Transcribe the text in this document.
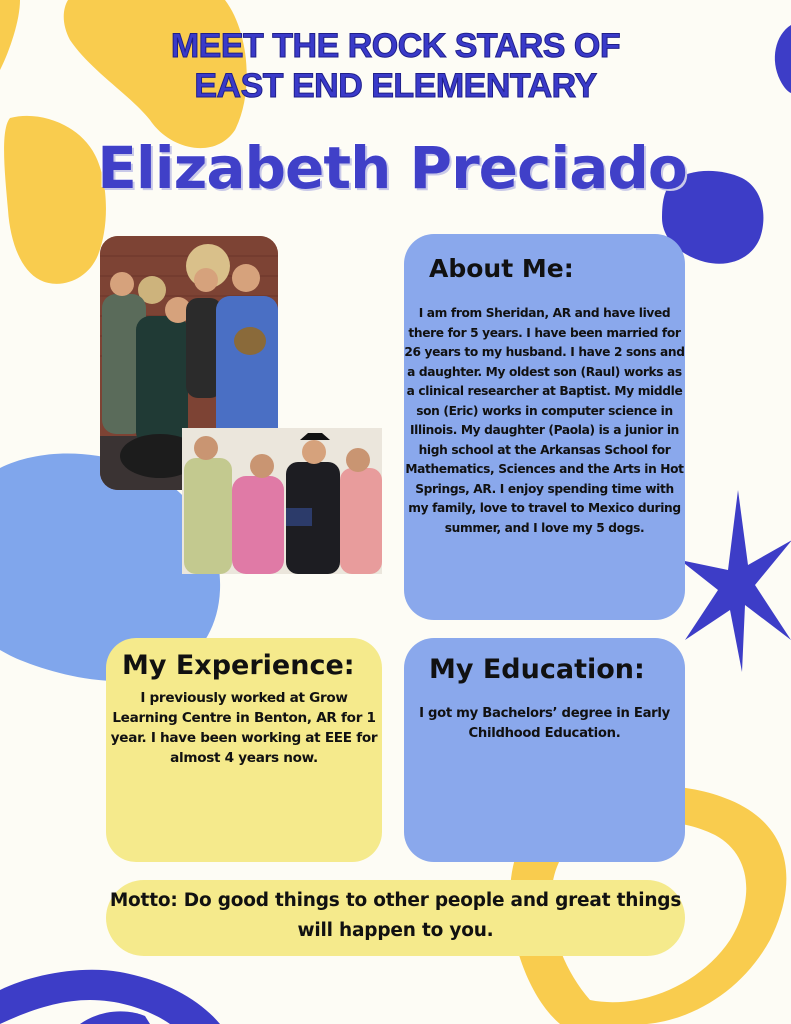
MEET THE ROCK STARS OF
EAST END ELEMENTARY
Elizabeth Preciado
About Me:
I am from Sheridan, AR and have lived there for 5 years. I have been married for 26 years to my husband. I have 2 sons and a daughter. My oldest son (Raul) works as a clinical researcher at Baptist. My middle son (Eric) works in computer science in Illinois. My daughter (Paola) is a junior in high school at the Arkansas School for Mathematics, Sciences and the Arts in Hot Springs, AR. I enjoy spending time with my family, love to travel to Mexico during summer, and I love my 5 dogs.
My Experience:
I previously worked at Grow Learning Centre in Benton, AR for 1 year. I have been working at EEE for almost 4 years now.
My Education:
I got my Bachelors’ degree in Early Childhood Education.
Motto: Do good things to other people and great things will happen to you.
